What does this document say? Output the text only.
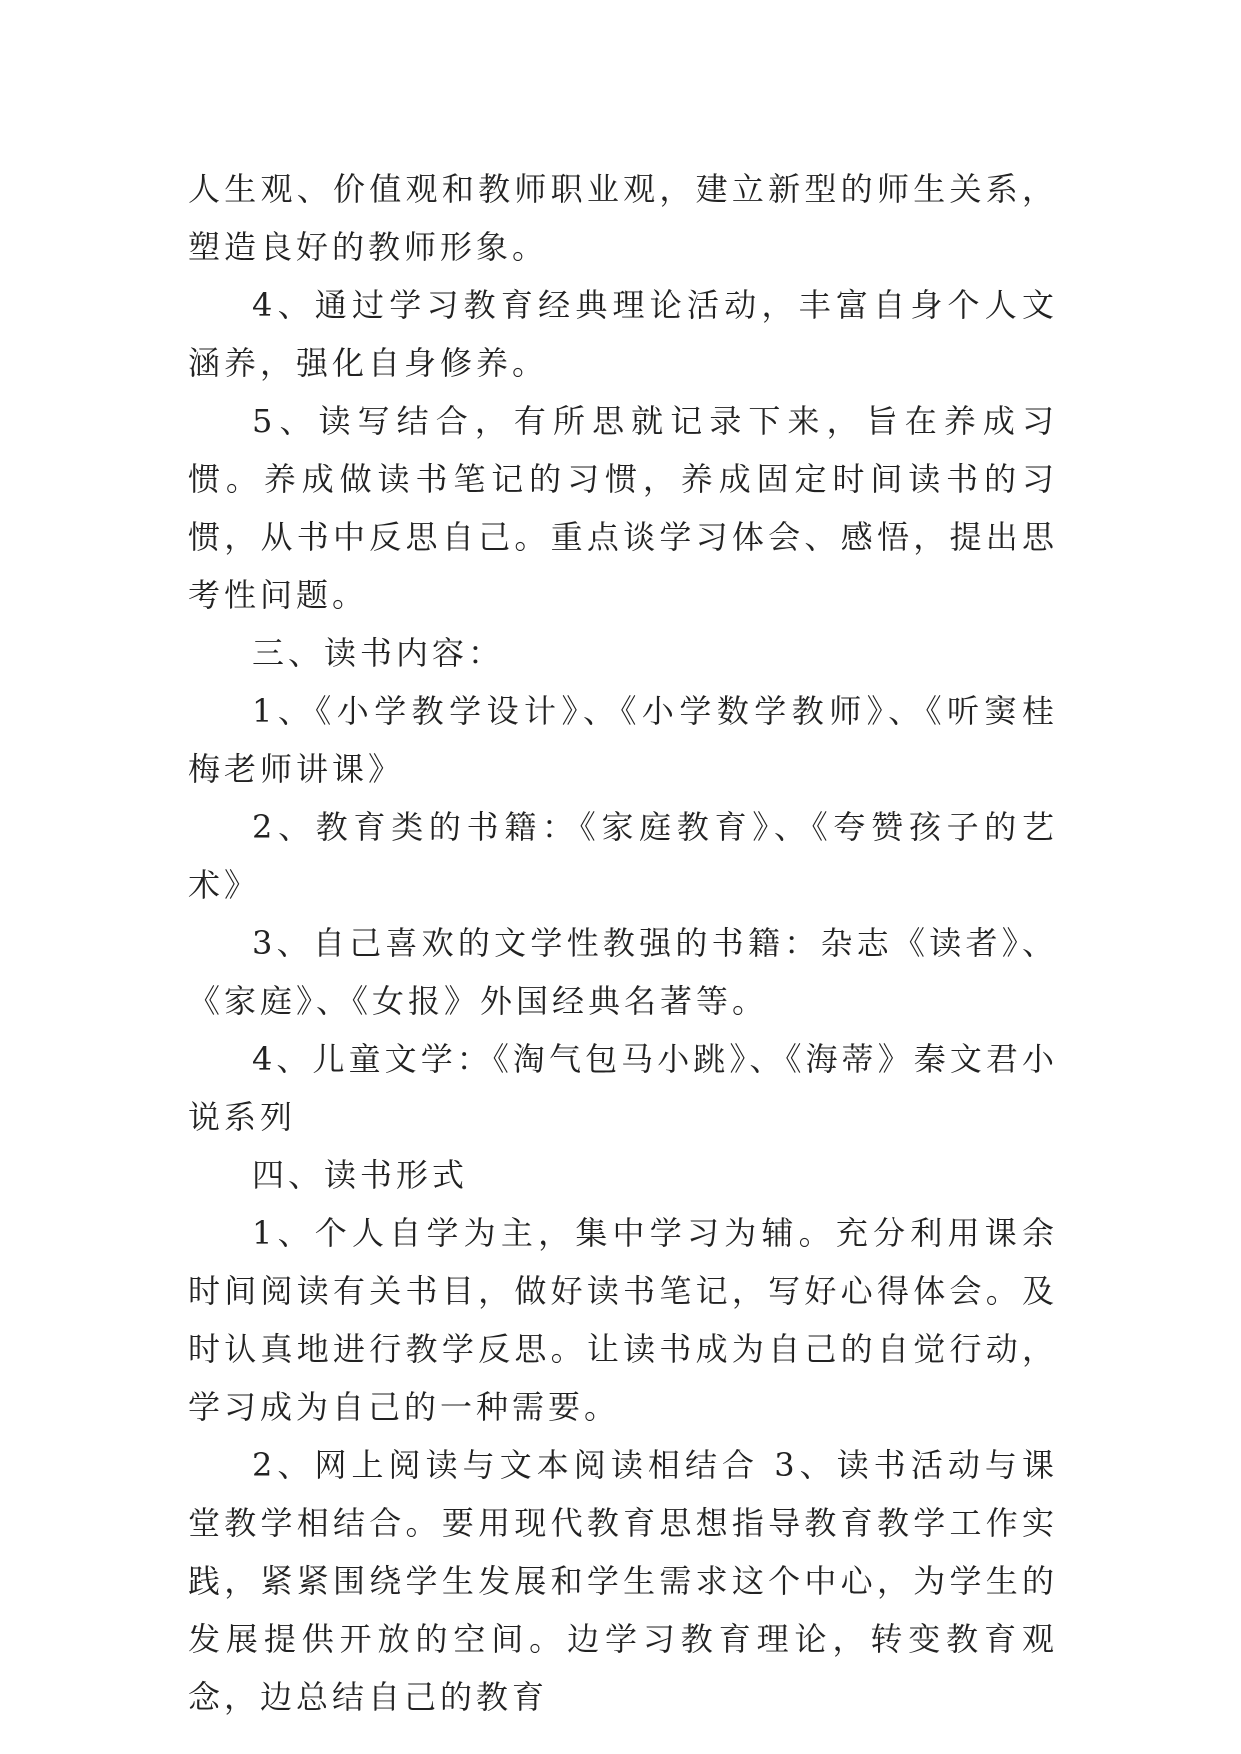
人生观、价值观和教师职业观，建立新型的师生关系，塑造良好的教师形象。

4、通过学习教育经典理论活动，丰富自身个人文涵养，强化自身修养。

5、读写结合，有所思就记录下来，旨在养成习惯。养成做读书笔记的习惯，养成固定时间读书的习惯，从书中反思自己。重点谈学习体会、感悟，提出思考性问题。

三、读书内容：

1、《小学教学设计》、《小学数学教师》、《听窦桂梅老师讲课》

2、教育类的书籍：《家庭教育》、《夸赞孩子的艺术》

3、自己喜欢的文学性教强的书籍：杂志《读者》、《家庭》、《女报》外国经典名著等。

4、儿童文学：《淘气包马小跳》、《海蒂》秦文君小说系列

四、读书形式

1、个人自学为主，集中学习为辅。充分利用课余时间阅读有关书目，做好读书笔记，写好心得体会。及时认真地进行教学反思。让读书成为自己的自觉行动，学习成为自己的一种需要。

2、网上阅读与文本阅读相结合 3、读书活动与课堂教学相结合。要用现代教育思想指导教育教学工作实践，紧紧围绕学生发展和学生需求这个中心，为学生的发展提供开放的空间。边学习教育理论，转变教育观念，边总结自己的教育
